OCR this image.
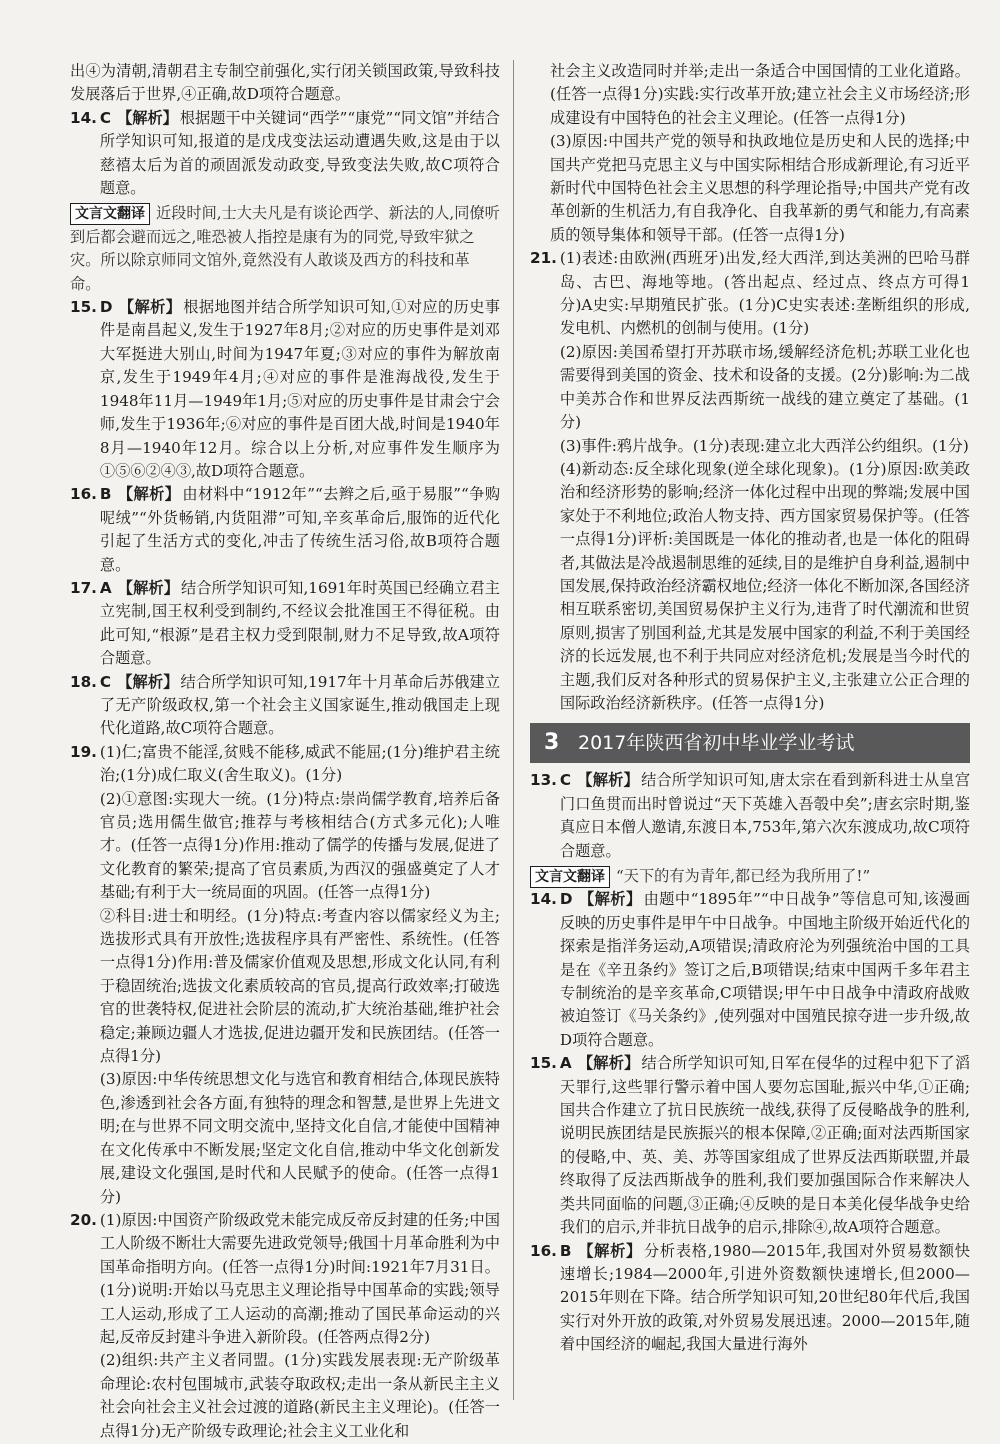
出④为清朝,清朝君主专制空前强化,实行闭关锁国政策,导致科技发展落后于世界,④正确,故D项符合题意。
14. C 【解析】 根据题干中关键词“西学”“康党”“同文馆”并结合所学知识可知,报道的是戊戌变法运动遭遇失败,这是由于以慈禧太后为首的顽固派发动政变,导致变法失败,故C项符合题意。
文言文翻译 近段时间,士大夫凡是有谈论西学、新法的人,同僚听到后都会避而远之,唯恐被人指控是康有为的同党,导致牢狱之灾。所以除京师同文馆外,竟然没有人敢谈及西方的科技和革命。
15. D 【解析】 根据地图并结合所学知识可知,①对应的历史事件是南昌起义,发生于1927年8月;②对应的历史事件是刘邓大军挺进大别山,时间为1947年夏;③对应的事件为解放南京,发生于1949年4月;④对应的事件是淮海战役,发生于1948年11月—1949年1月;⑤对应的历史事件是甘肃会宁会师,发生于1936年;⑥对应的事件是百团大战,时间是1940年8月—1940年12月。综合以上分析,对应事件发生顺序为①⑤⑥②④③,故D项符合题意。
16. B 【解析】 由材料中“1912年”“去辫之后,亟于易服”“争购呢绒”“外货畅销,内货阻滞”可知,辛亥革命后,服饰的近代化引起了生活方式的变化,冲击了传统生活习俗,故B项符合题意。
17. A 【解析】 结合所学知识可知,1691年时英国已经确立君主立宪制,国王权利受到制约,不经议会批准国王不得征税。由此可知,“根源”是君主权力受到限制,财力不足导致,故A项符合题意。
18. C 【解析】 结合所学知识可知,1917年十月革命后苏俄建立了无产阶级政权,第一个社会主义国家诞生,推动俄国走上现代化道路,故C项符合题意。
19. (1)仁;富贵不能淫,贫贱不能移,威武不能屈;(1分)维护君主统治;(1分)成仁取义(舍生取义)。(1分)
(2)①意图:实现大一统。(1分)特点:崇尚儒学教育,培养后备官员;选用儒生做官;推荐与考核相结合(方式多元化);人唯才。(任答一点得1分)作用:推动了儒学的传播与发展,促进了文化教育的繁荣;提高了官员素质,为西汉的强盛奠定了人才基础;有利于大一统局面的巩固。(任答一点得1分)
②科目:进士和明经。(1分)特点:考查内容以儒家经义为主;选拔形式具有开放性;选拔程序具有严密性、系统性。(任答一点得1分)作用:普及儒家价值观及思想,形成文化认同,有利于稳固统治;选拔文化素质较高的官员,提高行政效率;打破选官的世袭特权,促进社会阶层的流动,扩大统治基础,维护社会稳定;兼顾边疆人才选拔,促进边疆开发和民族团结。(任答一点得1分)
(3)原因:中华传统思想文化与选官和教育相结合,体现民族特色,渗透到社会各方面,有独特的理念和智慧,是世界上先进文明;在与世界不同文明交流中,坚持文化自信,才能使中国精神在文化传承中不断发展;坚定文化自信,推动中华文化创新发展,建设文化强国,是时代和人民赋予的使命。(任答一点得1分)
20. (1)原因:中国资产阶级政党未能完成反帝反封建的任务;中国工人阶级不断壮大需要先进政党领导;俄国十月革命胜利为中国革命指明方向。(任答一点得1分)时间:1921年7月31日。(1分)说明:开始以马克思主义理论指导中国革命的实践;领导工人运动,形成了工人运动的高潮;推动了国民革命运动的兴起,反帝反封建斗争进入新阶段。(任答两点得2分)
(2)组织:共产主义者同盟。(1分)实践发展表现:无产阶级革命理论:农村包围城市,武装夺取政权;走出一条从新民主主义社会向社会主义社会过渡的道路(新民主主义理论)。(任答一点得1分)无产阶级专政理论;社会主义工业化和
社会主义改造同时并举;走出一条适合中国国情的工业化道路。(任答一点得1分)实践:实行改革开放;建立社会主义市场经济;形成建设有中国特色的社会主义理论。(任答一点得1分)
(3)原因:中国共产党的领导和执政地位是历史和人民的选择;中国共产党把马克思主义与中国实际相结合形成新理论,有习近平新时代中国特色社会主义思想的科学理论指导;中国共产党有改革创新的生机活力,有自我净化、自我革新的勇气和能力,有高素质的领导集体和领导干部。(任答一点得1分)
21. (1)表述:由欧洲(西班牙)出发,经大西洋,到达美洲的巴哈马群岛、古巴、海地等地。(答出起点、经过点、终点方可得1分)A史实:早期殖民扩张。(1分)C史实表述:垄断组织的形成,发电机、内燃机的创制与使用。(1分)
(2)原因:美国希望打开苏联市场,缓解经济危机;苏联工业化也需要得到美国的资金、技术和设备的支援。(2分)影响:为二战中美苏合作和世界反法西斯统一战线的建立奠定了基础。(1分)
(3)事件:鸦片战争。(1分)表现:建立北大西洋公约组织。(1分)
(4)新动态:反全球化现象(逆全球化现象)。(1分)原因:欧美政治和经济形势的影响;经济一体化过程中出现的弊端;发展中国家处于不利地位;政治人物支持、西方国家贸易保护等。(任答一点得1分)评析:美国既是一体化的推动者,也是一体化的阻碍者,其做法是冷战遏制思维的延续,目的是维护自身利益,遏制中国发展,保持政治经济霸权地位;经济一体化不断加深,各国经济相互联系密切,美国贸易保护主义行为,违背了时代潮流和世贸原则,损害了别国利益,尤其是发展中国家的利益,不利于美国经济的长远发展,也不利于共同应对经济危机;发展是当今时代的主题,我们反对各种形式的贸易保护主义,主张建立公正合理的国际政治经济新秩序。(任答一点得1分)
3 2017年陕西省初中毕业学业考试
13. C 【解析】 结合所学知识可知,唐太宗在看到新科进士从皇宫门口鱼贯而出时曾说过“天下英雄入吾彀中矣”;唐玄宗时期,鉴真应日本僧人邀请,东渡日本,753年,第六次东渡成功,故C项符合题意。
文言文翻译 “天下的有为青年,都已经为我所用了!”
14. D 【解析】 由题中“1895年”“中日战争”等信息可知,该漫画反映的历史事件是甲午中日战争。中国地主阶级开始近代化的探索是指洋务运动,A项错误;清政府沦为列强统治中国的工具是在《辛丑条约》签订之后,B项错误;结束中国两千多年君主专制统治的是辛亥革命,C项错误;甲午中日战争中清政府战败被迫签订《马关条约》,使列强对中国殖民掠夺进一步升级,故D项符合题意。
15. A 【解析】 结合所学知识可知,日军在侵华的过程中犯下了滔天罪行,这些罪行警示着中国人要勿忘国耻,振兴中华,①正确;国共合作建立了抗日民族统一战线,获得了反侵略战争的胜利,说明民族团结是民族振兴的根本保障,②正确;面对法西斯国家的侵略,中、英、美、苏等国家组成了世界反法西斯联盟,并最终取得了反法西斯战争的胜利,我们要加强国际合作来解决人类共同面临的问题,③正确;④反映的是日本美化侵华战争史给我们的启示,并非抗日战争的启示,排除④,故A项符合题意。
16. B 【解析】 分析表格,1980—2015年,我国对外贸易数额快速增长;1984—2000年,引进外资数额快速增长,但2000—2015年则在下降。结合所学知识可知,20世纪80年代后,我国实行对外开放的政策,对外贸易发展迅速。2000—2015年,随着中国经济的崛起,我国大量进行海外
